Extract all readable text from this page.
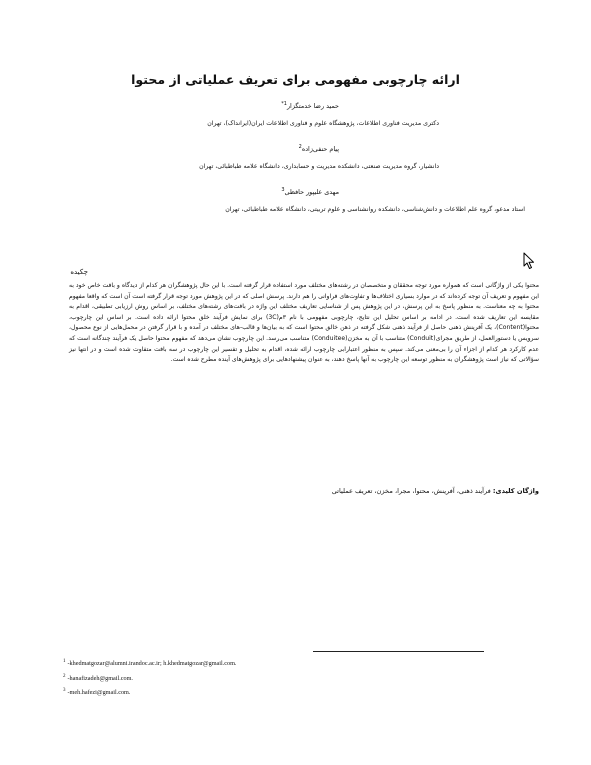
ارائه چارچوبی مفهومی برای تعریف عملیاتی از محتوا
حمید رضا خدمتگزار$^{1*}$
دکتری مدیریت فناوری اطلاعات، پژوهشگاه علوم و فناوری اطلاعات ایران(ایرانداک)، تهران
پیام حنفی‌زاده$^2$
دانشیار، گروه مدیریت صنعتی، دانشکده مدیریت و حسابداری، دانشگاه علامه طباطبائی، تهران
مهدی علیپور حافظی$^3$
استاد مدعو، گروه علم اطلاعات و دانش‌شناسی، دانشکده روانشناسی و علوم تربیتی، دانشگاه علامه طباطبائی، تهران
چکیده

محتوا یکی از واژگانی است که همواره مورد توجه محققان و متخصصان در رشته‌های مختلف مورد استفاده قرار گرفته است. با این حال پژوهشگران هر کدام از دیدگاه و بافت خاص خود به این مفهوم و تعریف آن توجه کرده‌اند که در موارد بسیاری اختلاف‌ها و تفاوت‌های فراوانی را هم دارند. پرسش اصلی که در این پژوهش مورد توجه قرار گرفته است آن است که واقعا مفهوم محتوا به چه معناست. به منظور پاسخ به این پرسش، در این پژوهش پس از شناسایی تعاریف مختلف این واژه در بافت‌های رشته‌های مختلف، بر اساس روش ارزیابی تطبیقی، اقدام به مقایسه این تعاریف شده است. در ادامه بر اساس تحلیل این نتایج، چارچوبی مفهومی با نام ۳م(3C) برای نمایش فرآیند خلق محتوا ارائه داده است. بر اساس این چارچوب، محتوا(Content)، یک آفرینش ذهنی حاصل از فرآیند ذهنی شکل گرفته در ذهن خالق محتوا است که به بیان‌ها و قالب-های مختلف در آمده و با قرار گرفتن در محمل‌هایی از نوع محصول، سرویس یا دستورالعمل، از طریق مجرای(Conduit) متناسب با آن به مخزن(Conduitee) متناسب می‌رسد. این چارچوب نشان می‌دهد که مفهوم محتوا حاصل یک فرآیند چندگانه است که عدم کارکرد هر کدام از اجزاء آن را بی‌معنی می‌کند. سپس به منظور اعتبارابی چارچوب ارائه شده، اقدام به تحلیل و تفسیر این چارچوب در سه بافت متفاوت شده است و در انتها نیز سؤالاتی که نیاز است پژوهشگران به منظور توسعه این چارچوب به آنها پاسخ دهند، به عنوان پیشنهادهایی برای پژوهش‌های آینده مطرح شده است.

واژگان کلیدی: فرآیند ذهنی، آفرینش، محتوا، مجرا، مخزن، تعریف عملیاتی
$^1$ -khedmatgozar@alumni.irandoc.ac.ir; h.khedmatgozar@gmail.com.
$^2$ -hanafizadeh@gmail.com.
$^3$ -meh.hafezi@gmail.com.
